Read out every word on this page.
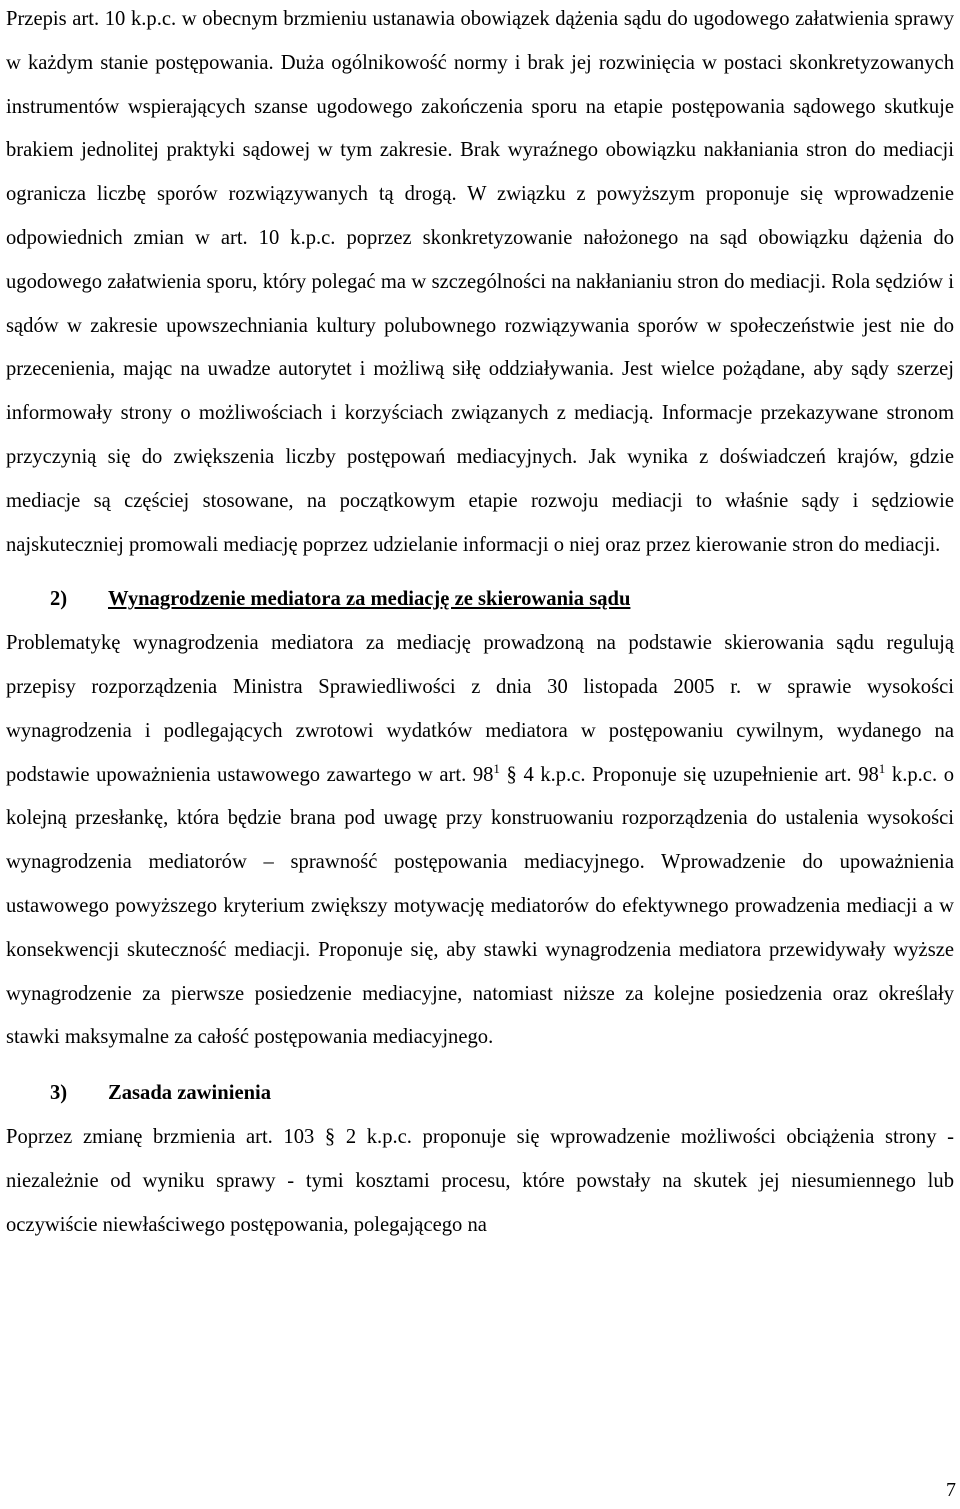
Przepis art. 10 k.p.c. w obecnym brzmieniu ustanawia obowiązek dążenia sądu do ugodowego załatwienia sprawy w każdym stanie postępowania. Duża ogólnikowość normy i brak jej rozwinięcia w postaci skonkretyzowanych instrumentów wspierających szanse ugodowego zakończenia sporu na etapie postępowania sądowego skutkuje brakiem jednolitej praktyki sądowej w tym zakresie. Brak wyraźnego obowiązku nakłaniania stron do mediacji ogranicza liczbę sporów rozwiązywanych tą drogą. W związku z powyższym proponuje się wprowadzenie odpowiednich zmian w art. 10 k.p.c. poprzez skonkretyzowanie nałożonego na sąd obowiązku dążenia do ugodowego załatwienia sporu, który polegać ma w szczególności na nakłanianiu stron do mediacji. Rola sędziów i sądów w zakresie upowszechniania kultury polubownego rozwiązywania sporów w społeczeństwie jest nie do przecenienia, mając na uwadze autorytet i możliwą siłę oddziaływania. Jest wielce pożądane, aby sądy szerzej informowały strony o możliwościach i korzyściach związanych z mediacją. Informacje przekazywane stronom przyczynią się do zwiększenia liczby postępowań mediacyjnych. Jak wynika z doświadczeń krajów, gdzie mediacje są częściej stosowane, na początkowym etapie rozwoju mediacji to właśnie sądy i sędziowie najskuteczniej promowali mediację poprzez udzielanie informacji o niej oraz przez kierowanie stron do mediacji.

2) Wynagrodzenie mediatora za mediację ze skierowania sądu

Problematykę wynagrodzenia mediatora za mediację prowadzoną na podstawie skierowania sądu regulują przepisy rozporządzenia Ministra Sprawiedliwości z dnia 30 listopada 2005 r. w sprawie wysokości wynagrodzenia i podlegających zwrotowi wydatków mediatora w postępowaniu cywilnym, wydanego na podstawie upoważnienia ustawowego zawartego w art. $98^1$ § 4 k.p.c. Proponuje się uzupełnienie art. $98^1$ k.p.c. o kolejną przesłankę, która będzie brana pod uwagę przy konstruowaniu rozporządzenia do ustalenia wysokości wynagrodzenia mediatorów – sprawność postępowania mediacyjnego. Wprowadzenie do upoważnienia ustawowego powyższego kryterium zwiększy motywację mediatorów do efektywnego prowadzenia mediacji a w konsekwencji skuteczność mediacji. Proponuje się, aby stawki wynagrodzenia mediatora przewidywały wyższe wynagrodzenie za pierwsze posiedzenie mediacyjne, natomiast niższe za kolejne posiedzenia oraz określały stawki maksymalne za całość postępowania mediacyjnego.

3) Zasada zawinienia

Poprzez zmianę brzmienia art. 103 § 2 k.p.c. proponuje się wprowadzenie możliwości obciążenia strony - niezależnie od wyniku sprawy - tymi kosztami procesu, które powstały na skutek jej niesumiennego lub oczywiście niewłaściwego postępowania, polegającego na

7
